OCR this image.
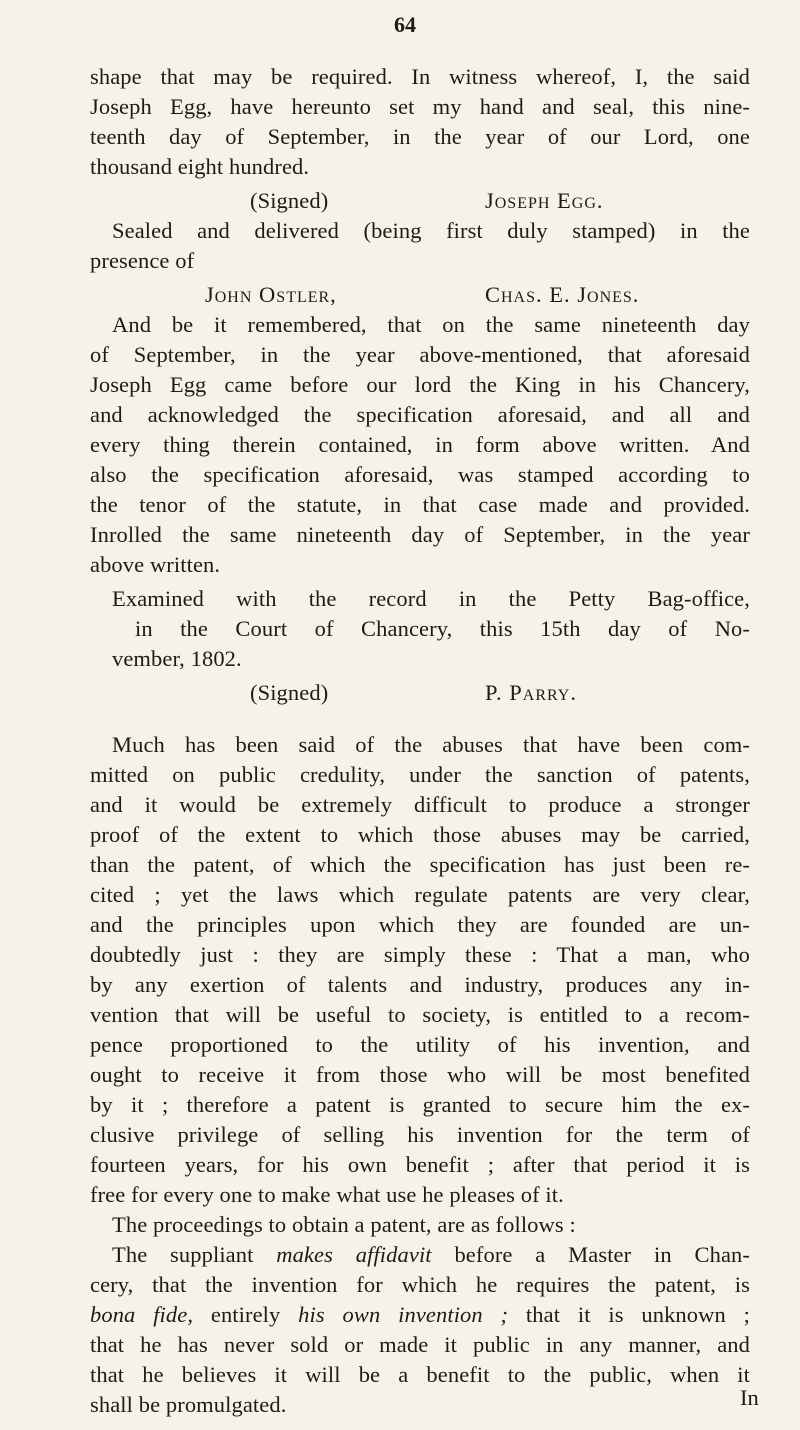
64
shape that may be required. In witness whereof, I, the said
Joseph Egg, have hereunto set my hand and seal, this nine-
teenth day of September, in the year of our Lord, one
thousand eight hundred.
(Signed)	Joseph Egg.
Sealed and delivered (being first duly stamped) in the
presence of
John Ostler,	Chas. E. Jones.
And be it remembered, that on the same nineteenth day
of September, in the year above-mentioned, that aforesaid
Joseph Egg came before our lord the King in his Chancery,
and acknowledged the specification aforesaid, and all and
every thing therein contained, in form above written. And
also the specification aforesaid, was stamped according to
the tenor of the statute, in that case made and provided.
Inrolled the same nineteenth day of September, in the year
above written.
Examined with the record in the Petty Bag-office,
in the Court of Chancery, this 15th day of No-
vember, 1802.
(Signed)	P. Parry.
Much has been said of the abuses that have been com-
mitted on public credulity, under the sanction of patents,
and it would be extremely difficult to produce a stronger
proof of the extent to which those abuses may be carried,
than the patent, of which the specification has just been re-
cited ; yet the laws which regulate patents are very clear,
and the principles upon which they are founded are un-
doubtedly just : they are simply these : That a man, who
by any exertion of talents and industry, produces any in-
vention that will be useful to society, is entitled to a recom-
pence proportioned to the utility of his invention, and
ought to receive it from those who will be most benefited
by it ; therefore a patent is granted to secure him the ex-
clusive privilege of selling his invention for the term of
fourteen years, for his own benefit ; after that period it is
free for every one to make what use he pleases of it.
The proceedings to obtain a patent, are as follows :
The suppliant makes affidavit before a Master in Chan-
cery, that the invention for which he requires the patent, is
bona fide, entirely his own invention ; that it is unknown ;
that he has never sold or made it public in any manner, and
that he believes it will be a benefit to the public, when it
shall be promulgated.	In
